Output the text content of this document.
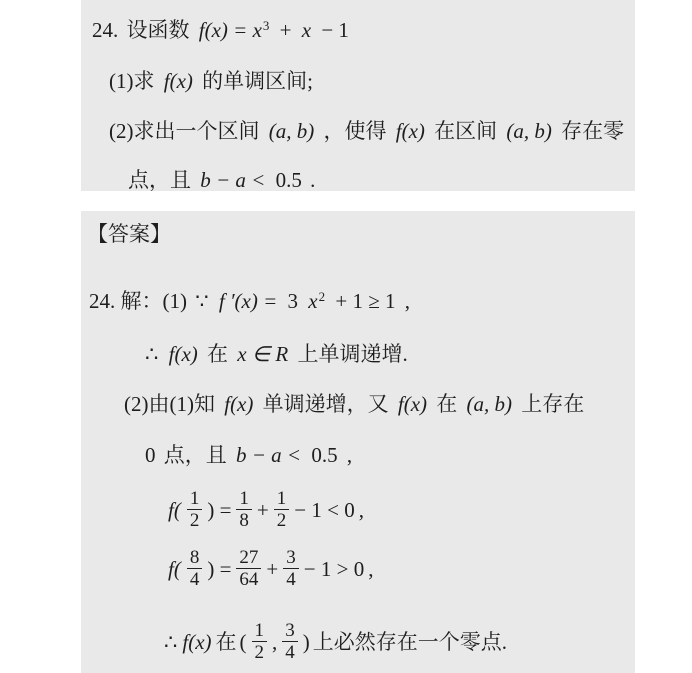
24. 设函数 $f(x) = x^3 + x - 1$
(1)求 f(x) 的单调区间;
(2)求出一个区间 (a, b) ，使得 f(x) 在区间 (a, b) 存在零
点，且 b − a < 0.5 .
【答案】
24. 解：(1) ∵ f ′(x) = 3 $x^2 + 1 \ge 1$ ,
∴ f(x) 在 x ∈ R 上单调递增.
(2)由(1)知 f(x) 单调递增，又 f(x) 在 (a, b) 上存在
0 点，且 b − a < 0.5 ,
$f( \frac{1}{2}$ ) = $\frac{1}{8} + \frac{1}{2} - 1 < 0$ ,
$f( \frac{8}{4}$ ) = $\frac{27}{64} + \frac{3}{4} - 1 > 0$ ,
∴ f(x) 在 ( $\frac{1}{2}$ , $\frac{3}{4}$ ) 上必然存在一个零点.
